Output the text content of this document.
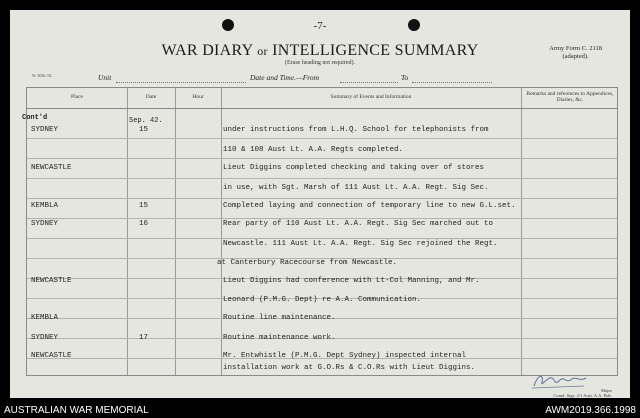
-7-
WAR DIARY or INTELLIGENCE SUMMARY
(Erase heading not required).
Army Form C. 2118
(adapted).
W. 3036 /52	Unit	Date and Time.—From	To
Place	Date	Hour	Summary of Events and Information	Remarks and references to Appendices, Diaries, &c.
Sep. 42.
SYDNEY	15	under instructions from L.H.Q. School for telephonists from
110 & 108 Aust Lt. A.A. Regts completed.
NEWCASTLE	Lieut Diggins completed checking and taking over of stores
in use, with Sgt. Marsh of 111 Aust Lt. A.A. Regt. Sig Sec.
KEMBLA	15	Completed laying and connection of temporary line to new G.L.set.
SYDNEY	16	Rear party of 110 Aust Lt. A.A. Regt. Sig Sec marched out to
Newcastle. 111 Aust Lt. A.A. Regt. Sig Sec rejoined the Regt.
at Canterbury Racecourse from Newcastle.
NEWCASTLE	Lieut Diggins had conference with Lt-Col Manning, and Mr.
Leonard (P.M.G. Dept) re A.A. Communication.
KEMBLA	Routine line maintenance.
SYDNEY	17	Routine maintenance work.
NEWCASTLE	Mr. Entwhistle (P.M.G. Dept Sydney) inspected internal
installation work at G.O.Rs & C.O.Rs with Lieut Diggins.
Cont'd
Major
Comd. Sigs. 2/1 Aust. A.A. Bde.
AUSTRALIAN WAR MEMORIAL	AWM2019.366.1998
